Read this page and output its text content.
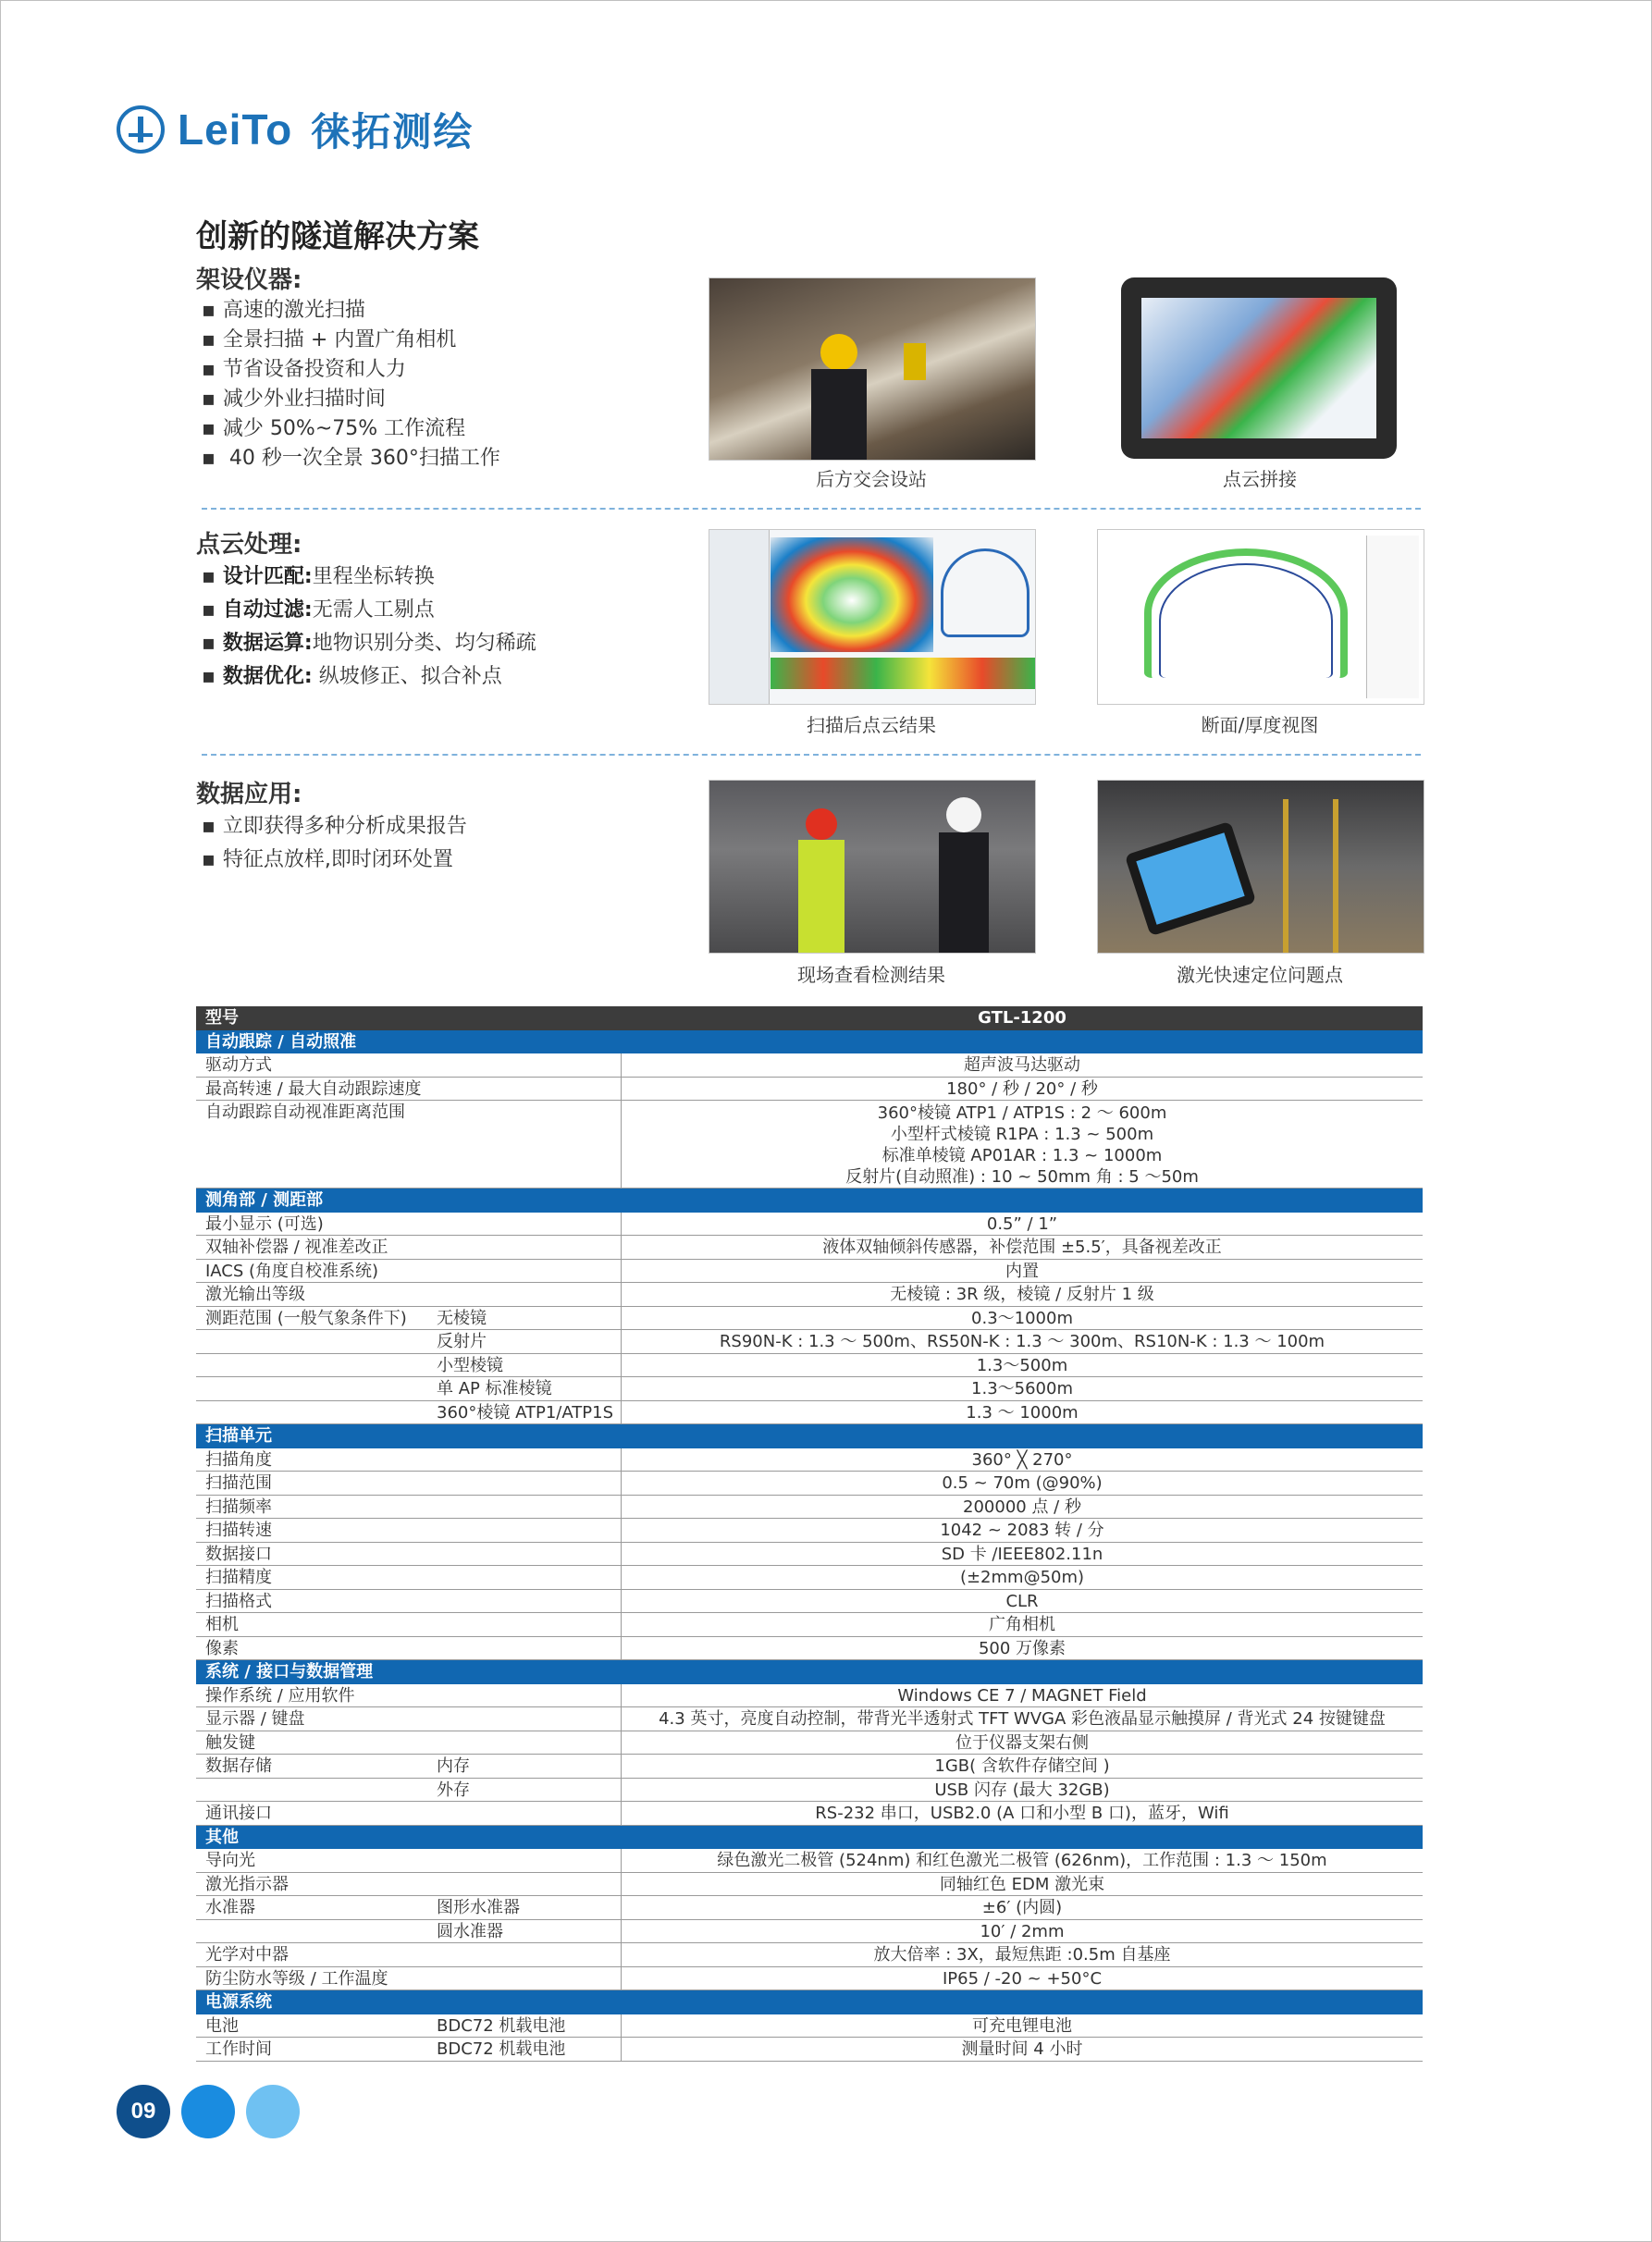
LeiTo 徕拓测绘
创新的隧道解决方案
架设仪器:
▪ 高速的激光扫描
▪ 全景扫描 + 内置广角相机
▪ 节省设备投资和人力
▪ 减少外业扫描时间
▪ 减少 50%~75% 工作流程
▪ 40 秒一次全景 360°扫描工作
后方交会设站	点云拼接
点云处理:
▪ 设计匹配:里程坐标转换
▪ 自动过滤:无需人工剔点
▪ 数据运算:地物识别分类、均匀稀疏
▪ 数据优化: 纵坡修正、拟合补点
扫描后点云结果	断面/厚度视图
数据应用:
▪ 立即获得多种分析成果报告
▪ 特征点放样,即时闭环处置
现场查看检测结果	激光快速定位问题点
型号	GTL-1200
自动跟踪 / 自动照准
驱动方式	超声波马达驱动
最高转速 / 最大自动跟踪速度	180° / 秒 / 20° / 秒
自动跟踪自动视准距离范围	360°棱镜 ATP1 / ATP1S : 2 ～ 600m
小型杆式棱镜 R1PA : 1.3 ~ 500m
标准单棱镜 AP01AR : 1.3 ~ 1000m
反射片(自动照准) : 10 ~ 50mm 角 : 5 ～50m
测角部 / 测距部
最小显示 (可选)	0.5” / 1”
双轴补偿器 / 视准差改正	液体双轴倾斜传感器，补偿范围 ±5.5′，具备视差改正
IACS (角度自校准系统)	内置
激光输出等级	无棱镜 : 3R 级，棱镜 / 反射片 1 级
测距范围 (一般气象条件下) 无棱镜	0.3～1000m
反射片	RS90N-K : 1.3 ～ 500m、RS50N-K : 1.3 ～ 300m、RS10N-K : 1.3 ～ 100m
小型棱镜	1.3～500m
单 AP 标准棱镜	1.3～5600m
360°棱镜 ATP1/ATP1S	1.3 ～ 1000m
扫描单元
扫描角度	360° ╳ 270°
扫描范围	0.5 ~ 70m (@90%)
扫描频率	200000 点 / 秒
扫描转速	1042 ~ 2083 转 / 分
数据接口	SD 卡 /IEEE802.11n
扫描精度	(±2mm@50m)
扫描格式	CLR
相机	广角相机
像素	500 万像素
系统 / 接口与数据管理
操作系统 / 应用软件	Windows CE 7 / MAGNET Field
显示器 / 键盘	4.3 英寸，亮度自动控制，带背光半透射式 TFT WVGA 彩色液晶显示触摸屏 / 背光式 24 按键键盘
触发键	位于仪器支架右侧
数据存储	内存	1GB( 含软件存储空间 )
外存	USB 闪存 (最大 32GB)
通讯接口	RS-232 串口，USB2.0 (A 口和小型 B 口)，蓝牙，Wifi
其他
导向光	绿色激光二极管 (524nm) 和红色激光二极管 (626nm)，工作范围 : 1.3 ～ 150m
激光指示器	同轴红色 EDM 激光束
水准器	图形水准器	±6′ (内圆)
圆水准器	10′ / 2mm
光学对中器	放大倍率 : 3X，最短焦距 :0.5m 自基座
防尘防水等级 / 工作温度	IP65 / -20 ~ +50°C
电源系统
电池	BDC72 机载电池	可充电锂电池
工作时间	BDC72 机载电池	测量时间 4 小时
09
